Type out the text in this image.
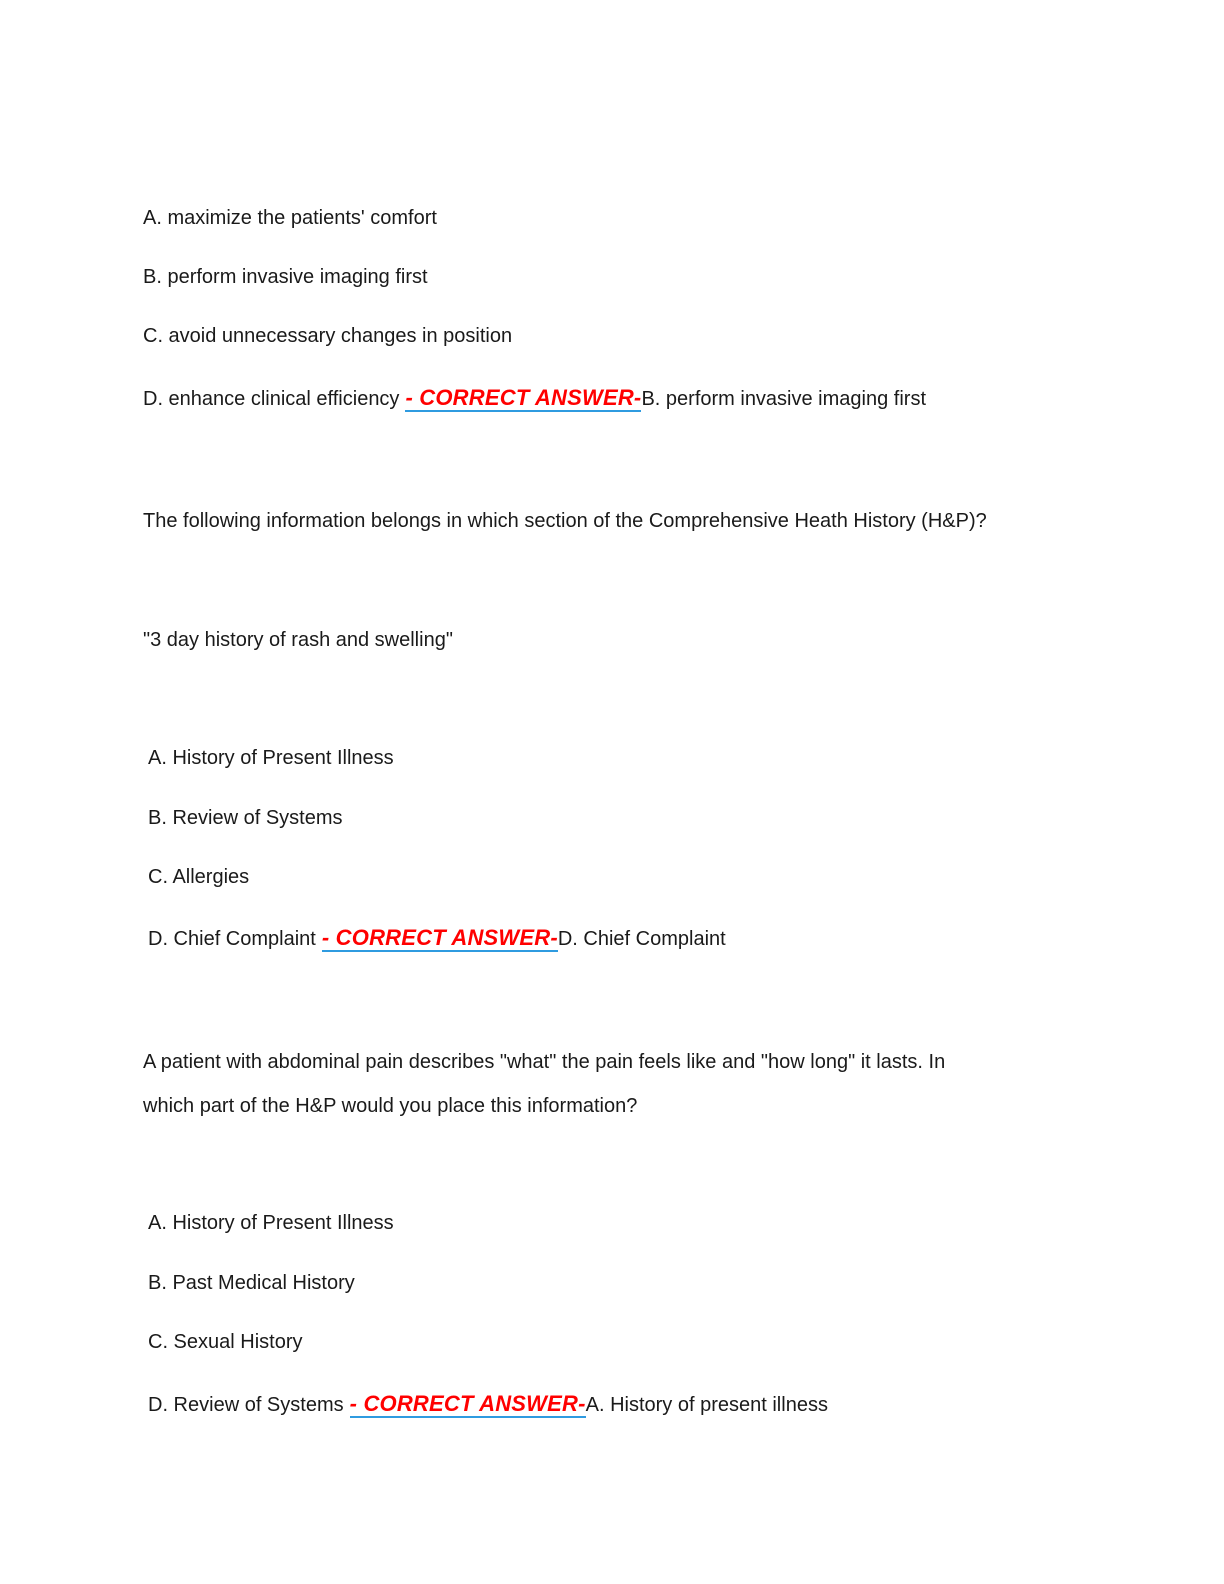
A. maximize the patients' comfort
B. perform invasive imaging first
C. avoid unnecessary changes in position
D. enhance clinical efficiency - CORRECT ANSWER-B. perform invasive imaging first
The following information belongs in which section of the Comprehensive Heath History (H&P)?
"3 day history of rash and swelling"
A. History of Present Illness
B. Review of Systems
C. Allergies
D. Chief Complaint - CORRECT ANSWER-D. Chief Complaint
A patient with abdominal pain describes "what" the pain feels like and "how long" it lasts. In
which part of the H&P would you place this information?
A. History of Present Illness
B. Past Medical History
C. Sexual History
D. Review of Systems - CORRECT ANSWER-A. History of present illness
